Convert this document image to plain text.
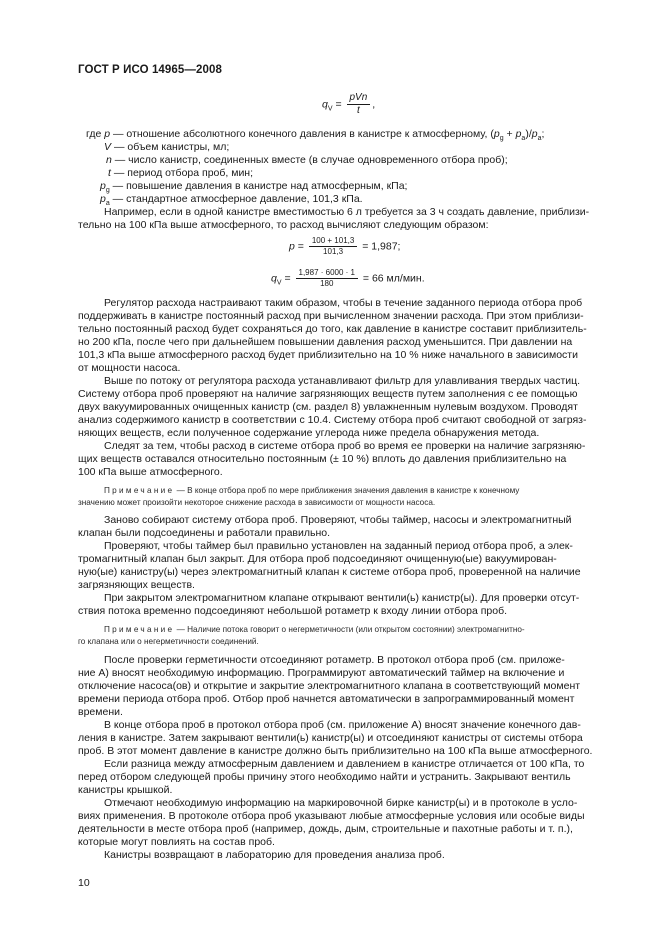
ГОСТ Р ИСО 14965—2008
$q_V = \frac{\text{pVn}}{t}$ ,
где p — отношение абсолютного конечного давления в канистре к атмосферному, $(p_g + p_a)/p_a$;
V — объем канистры, мл;
n — число канистр, соединенных вместе (в случае одновременного отбора проб);
t — период отбора проб, мин;
$p_g$ — повышение давления в канистре над атмосферным, кПа;
$p_a$ — стандартное атмосферное давление, 101,3 кПа.
Например, если в одной канистре вместимостью 6 л требуется за 3 ч создать давление, приблизи-
тельно на 100 кПа выше атмосферного, то расход вычисляют следующим образом:
$p = \frac{100 + 101,3}{101,3} = 1,987$;
$q_V = \frac{1,987 \cdot 6000 \cdot 1}{180} = 66$ мл/мин.
Регулятор расхода настраивают таким образом, чтобы в течение заданного периода отбора проб
поддерживать в канистре постоянный расход при вычисленном значении расхода. При этом приблизи-
тельно постоянный расход будет сохраняться до того, как давление в канистре составит приблизитель-
но 200 кПа, после чего при дальнейшем повышении давления расход уменьшится. При давлении на
101,3 кПа выше атмосферного расход будет приблизительно на 10 % ниже начального в зависимости
от мощности насоса.
Выше по потоку от регулятора расхода устанавливают фильтр для улавливания твердых частиц.
Систему отбора проб проверяют на наличие загрязняющих веществ путем заполнения с ее помощью
двух вакуумированных очищенных канистр (см. раздел 8) увлажненным нулевым воздухом. Проводят
анализ содержимого канистр в соответствии с 10.4. Систему отбора проб считают свободной от загряз-
няющих веществ, если полученное содержание углерода ниже предела обнаружения метода.
Следят за тем, чтобы расход в системе отбора проб во время ее проверки на наличие загрязняю-
щих веществ оставался относительно постоянным (± 10 %) вплоть до давления приблизительно на
100 кПа выше атмосферного.
Примечание — В конце отбора проб по мере приближения значения давления в канистре к конечному
значению может произойти некоторое снижение расхода в зависимости от мощности насоса.
Заново собирают систему отбора проб. Проверяют, чтобы таймер, насосы и электромагнитный
клапан были подсоединены и работали правильно.
Проверяют, чтобы таймер был правильно установлен на заданный период отбора проб, а элек-
тромагнитный клапан был закрыт. Для отбора проб подсоединяют очищенную(ые) вакуумирован-
ную(ые) канистру(ы) через электромагнитный клапан к системе отбора проб, проверенной на наличие
загрязняющих веществ.
При закрытом электромагнитном клапане открывают вентили(ь) канистр(ы). Для проверки отсут-
ствия потока временно подсоединяют небольшой ротаметр к входу линии отбора проб.
Примечание — Наличие потока говорит о негерметичности (или открытом состоянии) электромагнитно-
го клапана или о негерметичности соединений.
После проверки герметичности отсоединяют ротаметр. В протокол отбора проб (см. приложе-
ние А) вносят необходимую информацию. Программируют автоматический таймер на включение и
отключение насоса(ов) и открытие и закрытие электромагнитного клапана в соответствующий момент
времени периода отбора проб. Отбор проб начнется автоматически в запрограммированный момент
времени.
В конце отбора проб в протокол отбора проб (см. приложение А) вносят значение конечного дав-
ления в канистре. Затем закрывают вентили(ь) канистр(ы) и отсоединяют канистры от системы отбора
проб. В этот момент давление в канистре должно быть приблизительно на 100 кПа выше атмосферного.
Если разница между атмосферным давлением и давлением в канистре отличается от 100 кПа, то
перед отбором следующей пробы причину этого необходимо найти и устранить. Закрывают вентиль
канистры крышкой.
Отмечают необходимую информацию на маркировочной бирке канистр(ы) и в протоколе в усло-
виях применения. В протоколе отбора проб указывают любые атмосферные условия или особые виды
деятельности в месте отбора проб (например, дождь, дым, строительные и пахотные работы и т. п.),
которые могут повлиять на состав проб.
Канистры возвращают в лабораторию для проведения анализа проб.
10
